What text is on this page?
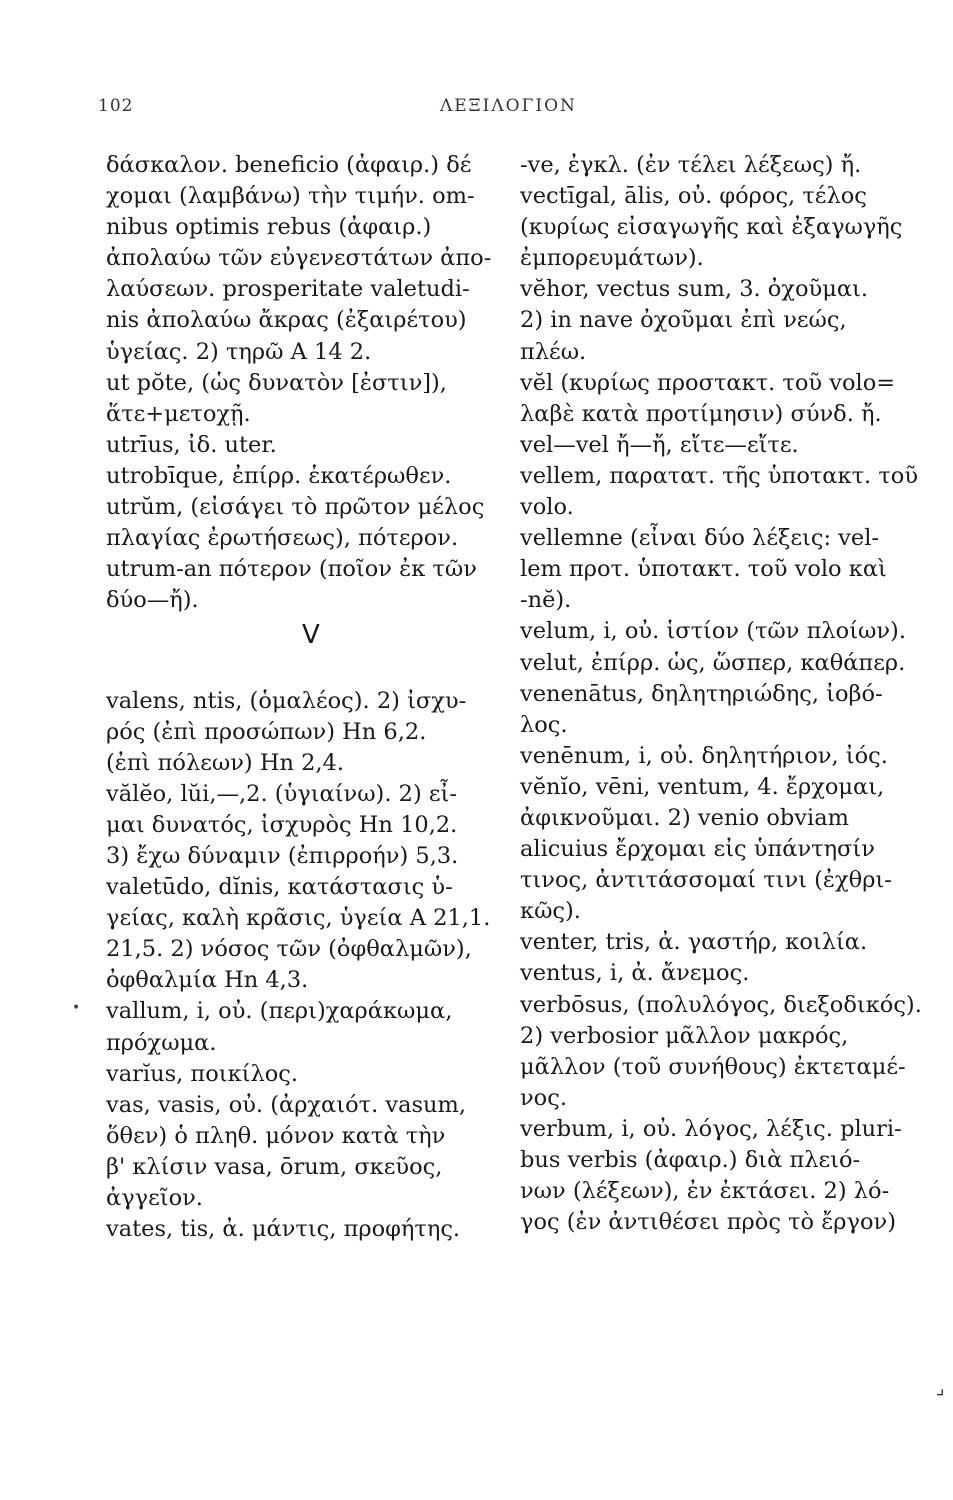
102	ΛΕΞΙΛΟΓΙΟΝ
δάσκαλον. beneficio (ἀφαιρ.) δέ
χομαι (λαμβάνω) τὴν τιμήν. om-
nibus optimis rebus (ἀφαιρ.)
ἀπολαύω τῶν εὐγενεστάτων ἀπο-
λαύσεων. prosperitate valetudi-
nis ἀπολαύω ἄκρας (ἐξαιρέτου)
ὑγείας. 2) τηρῶ Α 14 2.
ut pŏte, (ὡς δυνατὸν [ἐστιν]),
ἅτε+μετοχῇ.
utrīus, ἰδ. uter.
utrobīque, ἐπίρρ. ἑκατέρωθεν.
utrŭm, (εἰσάγει τὸ πρῶτον μέλος
πλαγίας ἐρωτήσεως), πότερον.
utrum-an πότερον (ποῖον ἐκ τῶν
δύο—ἤ).
V
valens, ntis, (ὁμαλέος). 2) ἰσχυ-
ρός (ἐπὶ προσώπων) Hn 6,2.
(ἐπὶ πόλεων) Hn 2,4.
vălĕo, lŭi,—,2. (ὑγιαίνω). 2) εἶ-
μαι δυνατός, ἰσχυρὸς Hn 10,2.
3) ἔχω δύναμιν (ἐπιρροήν) 5,3.
valetūdo, dĭnis, κατάστασις ὑ-
γείας, καλὴ κρᾶσις, ὑγεία Α 21,1.
21,5. 2) νόσος τῶν (ὀφθαλμῶν),
ὀφθαλμία Hn 4,3.
vallum, i, οὐ. (περι)χαράκωμα,
πρόχωμα.
varĭus, ποικίλος.
vas, vasis, οὐ. (ἀρχαιότ. vasum,
ὅθεν) ὁ πληθ. μόνον κατὰ τὴν
β' κλίσιν vasa, ōrum, σκεῦος,
ἀγγεῖον.
vates, tis, ἀ. μάντις, προφήτης.
-ve, ἐγκλ. (ἐν τέλει λέξεως) ἤ.
vectīgal, ālis, οὐ. φόρος, τέλος
(κυρίως εἰσαγωγῆς καὶ ἐξαγωγῆς
ἐμπορευμάτων).
vĕhor, vectus sum, 3. ὀχοῦμαι.
2) in nave ὀχοῦμαι ἐπὶ νεώς,
πλέω.
vĕl (κυρίως προστακτ. τοῦ volo=
λαβὲ κατὰ προτίμησιν) σύνδ. ἤ.
vel—vel ἤ—ἤ, εἴτε—εἴτε.
vellem, παρατατ. τῆς ὑποτακτ. τοῦ
volo.
vellemne (εἶναι δύο λέξεις: vel-
lem προτ. ὑποτακτ. τοῦ volo καὶ
-nĕ).
velum, i, οὐ. ἱστίον (τῶν πλοίων).
velut, ἐπίρρ. ὡς, ὥσπερ, καθάπερ.
venenātus, δηλητηριώδης, ἰοβό-
λος.
venēnum, i, οὐ. δηλητήριον, ἰός.
vĕnĭo, vēni, ventum, 4. ἔρχομαι,
ἀφικνοῦμαι. 2) venio obviam
alicuius ἔρχομαι εἰς ὑπάντησίν
τινος, ἀντιτάσσομαί τινι (ἐχθρι-
κῶς).
venter, tris, ἀ. γαστήρ, κοιλία.
ventus, i, ἀ. ἄνεμος.
verbōsus, (πολυλόγος, διεξοδικός).
2) verbosior μᾶλλον μακρός,
μᾶλλον (τοῦ συνήθους) ἐκτεταμέ-
νος.
verbum, i, οὐ. λόγος, λέξις. pluri-
bus verbis (ἀφαιρ.) διὰ πλειό-
νων (λέξεων), ἐν ἐκτάσει. 2) λό-
γος (ἐν ἀντιθέσει πρὸς τὸ ἔργον)
•
⌟
